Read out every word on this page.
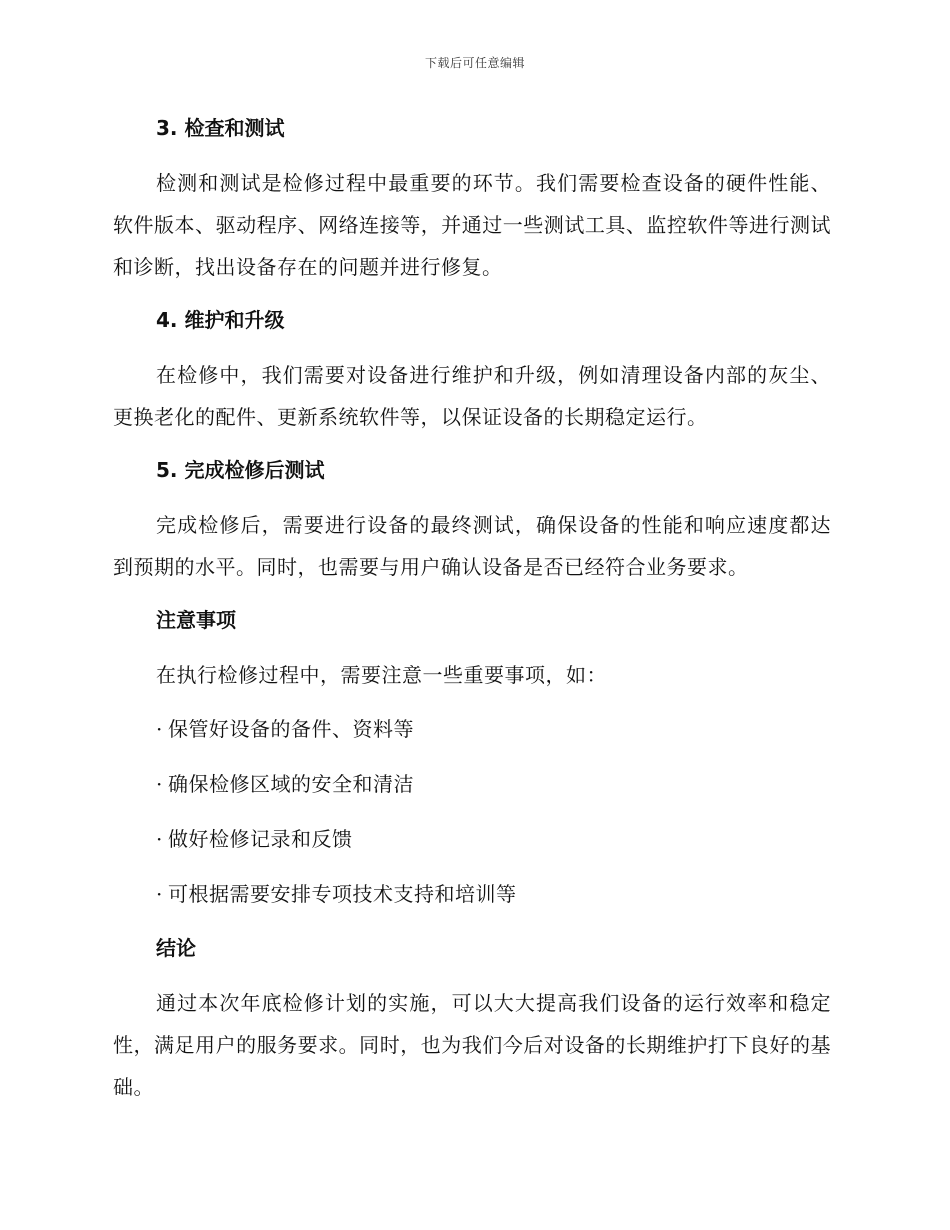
下载后可任意编辑
3. 检查和测试

检测和测试是检修过程中最重要的环节。我们需要检查设备的硬件性能、软件版本、驱动程序、网络连接等，并通过一些测试工具、监控软件等进行测试和诊断，找出设备存在的问题并进行修复。

4. 维护和升级

在检修中，我们需要对设备进行维护和升级，例如清理设备内部的灰尘、更换老化的配件、更新系统软件等，以保证设备的长期稳定运行。

5. 完成检修后测试

完成检修后，需要进行设备的最终测试，确保设备的性能和响应速度都达到预期的水平。同时，也需要与用户确认设备是否已经符合业务要求。

注意事项

在执行检修过程中，需要注意一些重要事项，如：

· 保管好设备的备件、资料等
· 确保检修区域的安全和清洁
· 做好检修记录和反馈
· 可根据需要安排专项技术支持和培训等
结论

通过本次年底检修计划的实施，可以大大提高我们设备的运行效率和稳定性，满足用户的服务要求。同时，也为我们今后对设备的长期维护打下良好的基础。
